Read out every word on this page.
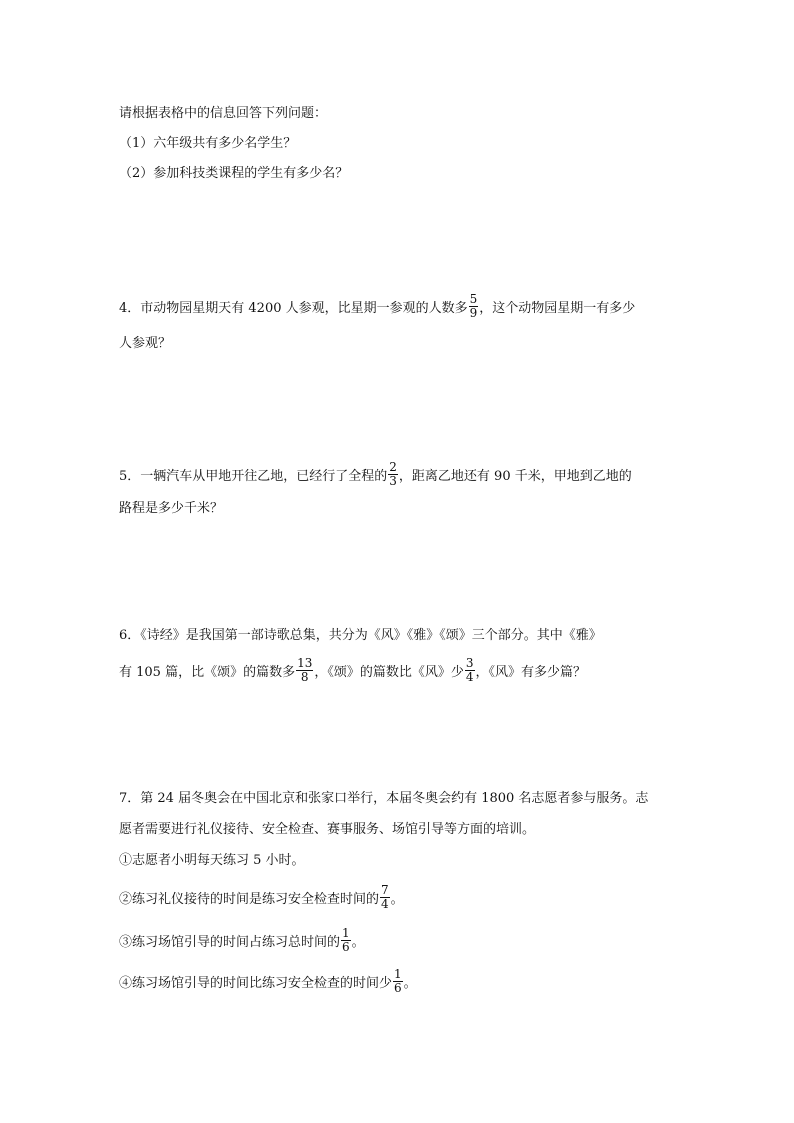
请根据表格中的信息回答下列问题：
（1）六年级共有多少名学生？
（2）参加科技类课程的学生有多少名？
4．市动物园星期天有 4200 人参观，比星期一参观的人数多 $\frac{5}{9}$ ，这个动物园星期一有多少
人参观？
5．一辆汽车从甲地开往乙地，已经行了全程的 $\frac{2}{3}$ ，距离乙地还有 90 千米，甲地到乙地的
路程是多少千米？
6．《诗经》是我国第一部诗歌总集，共分为《风》《雅》《颂》三个部分。其中《雅》
有 105 篇，比《颂》的篇数多 $\frac{13}{8}$ ，《颂》的篇数比《风》少 $\frac{3}{4}$ ，《风》有多少篇？
7．第 24 届冬奥会在中国北京和张家口举行，本届冬奥会约有 1800 名志愿者参与服务。志
愿者需要进行礼仪接待、安全检查、赛事服务、场馆引导等方面的培训。
①志愿者小明每天练习 5 小时。
②练习礼仪接待的时间是练习安全检查时间的 $\frac{7}{4}$ 。
③练习场馆引导的时间占练习总时间的 $\frac{1}{6}$ 。
④练习场馆引导的时间比练习安全检查的时间少 $\frac{1}{6}$ 。
